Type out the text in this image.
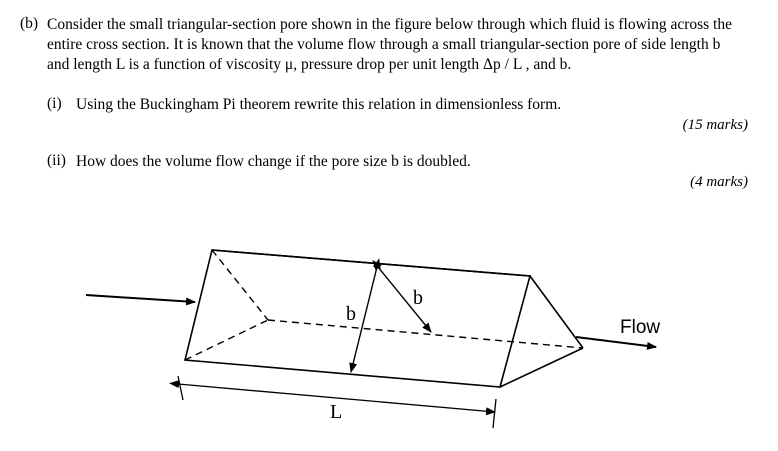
(b) Consider the small triangular-section pore shown in the figure below through which fluid is flowing across the
entire cross section. It is known that the volume flow through a small triangular-section pore of side length b
and length L is a function of viscosity μ, pressure drop per unit length Δp / L , and b.
(i) Using the Buckingham Pi theorem rewrite this relation in dimensionless form.
(15 marks)
(ii) How does the volume flow change if the pore size b is doubled.
(4 marks)
b
b
L
Flow
